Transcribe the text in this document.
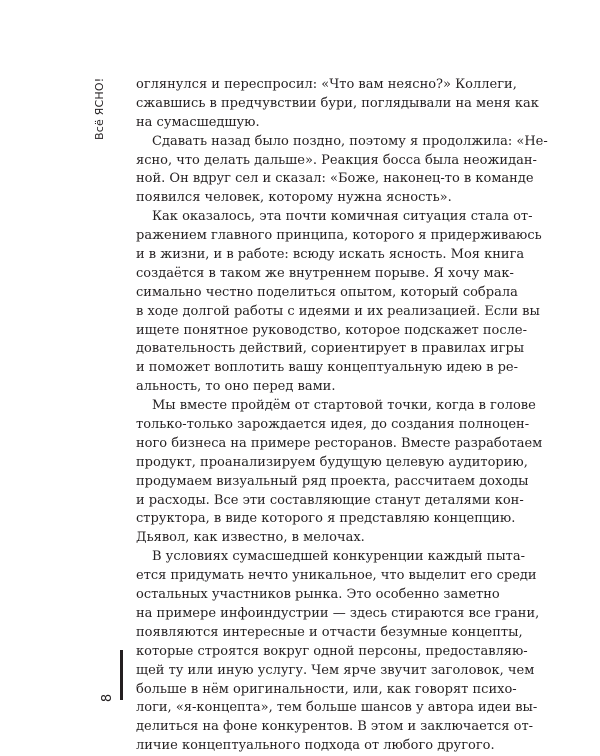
Всё ЯСНО!
8

оглянулся и переспросил: «Что вам неясно?» Коллеги,
сжавшись в предчувствии бури, поглядывали на меня как
на сумасшедшую.

Сдавать назад было поздно, поэтому я продолжила: «Не-
ясно, что делать дальше». Реакция босса была неожидан-
ной. Он вдруг сел и сказал: «Боже, наконец-то в команде
появился человек, которому нужна ясность».

Как оказалось, эта почти комичная ситуация стала от-
ражением главного принципа, которого я придерживаюсь
и в жизни, и в работе: всюду искать ясность. Моя книга
создаётся в таком же внутреннем порыве. Я хочу мак-
симально честно поделиться опытом, который собрала
в ходе долгой работы с идеями и их реализацией. Если вы
ищете понятное руководство, которое подскажет после-
довательность действий, сориентирует в правилах игры
и поможет воплотить вашу концептуальную идею в ре-
альность, то оно перед вами.

Мы вместе пройдём от стартовой точки, когда в голове
только-только зарождается идея, до создания полноцен-
ного бизнеса на примере ресторанов. Вместе разработаем
продукт, проанализируем будущую целевую аудиторию,
продумаем визуальный ряд проекта, рассчитаем доходы
и расходы. Все эти составляющие станут деталями кон-
структора, в виде которого я представляю концепцию.
Дьявол, как известно, в мелочах.

В условиях сумасшедшей конкуренции каждый пыта-
ется придумать нечто уникальное, что выделит его среди
остальных участников рынка. Это особенно заметно
на примере инфоиндустрии — здесь стираются все грани,
появляются интересные и отчасти безумные концепты,
которые строятся вокруг одной персоны, предоставляю-
щей ту или иную услугу. Чем ярче звучит заголовок, чем
больше в нём оригинальности, или, как говорят психо-
логи, «я-концепта», тем больше шансов у автора идеи вы-
делиться на фоне конкурентов. В этом и заключается от-
личие концептуального подхода от любого другого.
